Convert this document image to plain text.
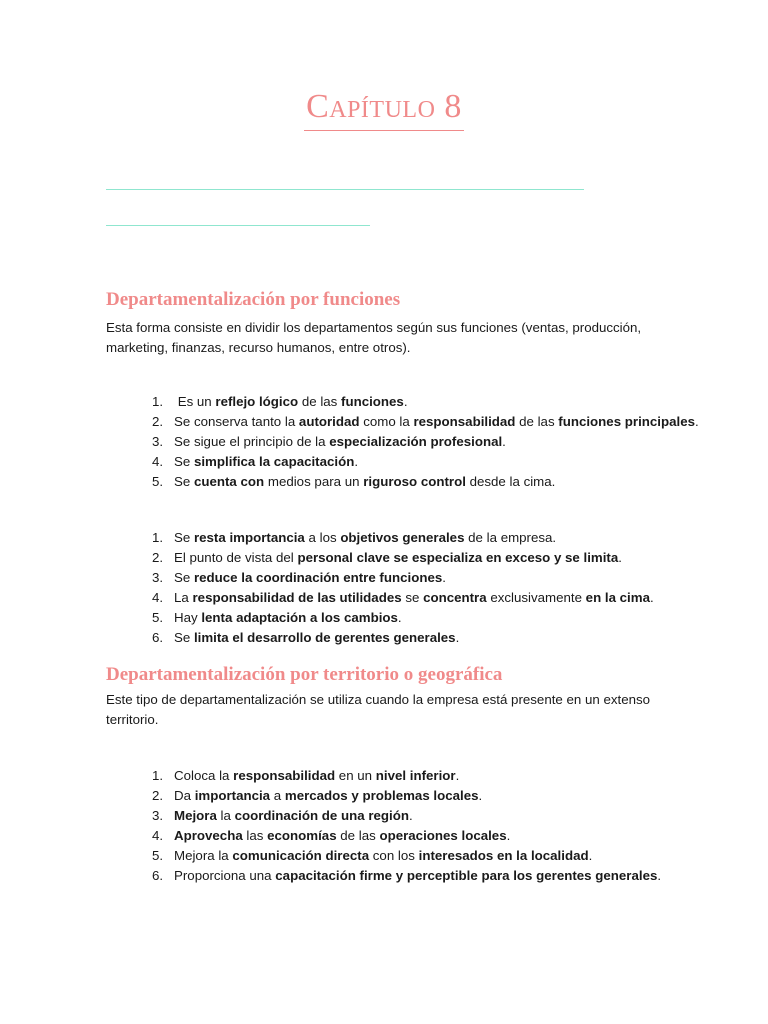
Capítulo 8
Departamentalización por funciones
Esta forma consiste en dividir los departamentos según sus funciones (ventas, producción,
marketing, finanzas, recurso humanos, entre otros).
1. Es un reflejo lógico de las funciones.
2. Se conserva tanto la autoridad como la responsabilidad de las funciones principales.
3. Se sigue el principio de la especialización profesional.
4. Se simplifica la capacitación.
5. Se cuenta con medios para un riguroso control desde la cima.
1. Se resta importancia a los objetivos generales de la empresa.
2. El punto de vista del personal clave se especializa en exceso y se limita.
3. Se reduce la coordinación entre funciones.
4. La responsabilidad de las utilidades se concentra exclusivamente en la cima.
5. Hay lenta adaptación a los cambios.
6. Se limita el desarrollo de gerentes generales.
Departamentalización por territorio o geográfica
Este tipo de departamentalización se utiliza cuando la empresa está presente en un extenso
territorio.
1. Coloca la responsabilidad en un nivel inferior.
2. Da importancia a mercados y problemas locales.
3. Mejora la coordinación de una región.
4. Aprovecha las economías de las operaciones locales.
5. Mejora la comunicación directa con los interesados en la localidad.
6. Proporciona una capacitación firme y perceptible para los gerentes generales.
